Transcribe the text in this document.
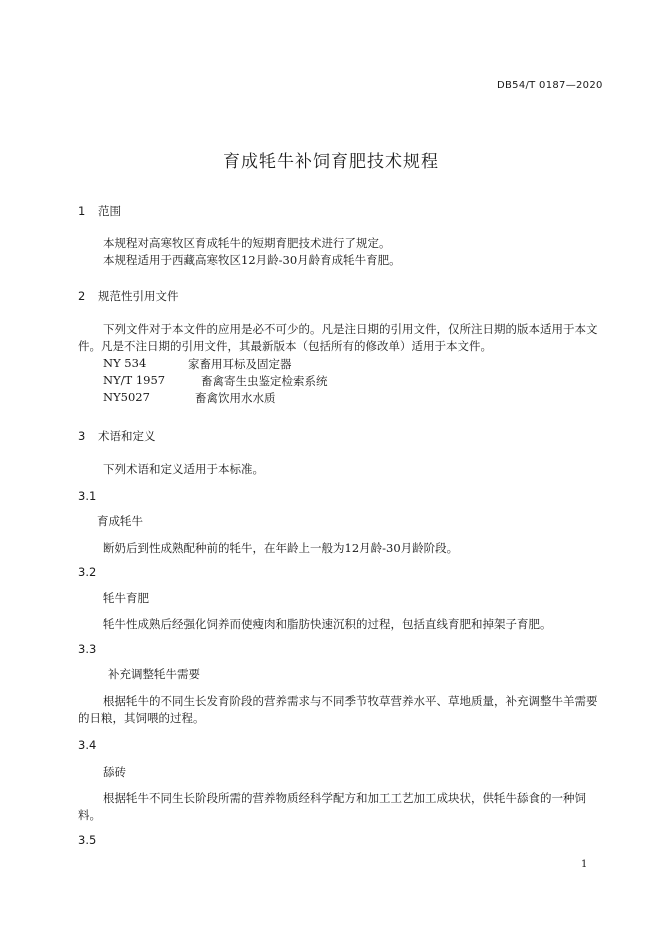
DB54/T 0187—2020
育成牦牛补饲育肥技术规程
1 范围
本规程对高寒牧区育成牦牛的短期育肥技术进行了规定。
本规程适用于西藏高寒牧区12月龄-30月龄育成牦牛育肥。
2 规范性引用文件
下列文件对于本文件的应用是必不可少的。凡是注日期的引用文件，仅所注日期的版本适用于本文
件。凡是不注日期的引用文件，其最新版本（包括所有的修改单）适用于本文件。
NY 534	家畜用耳标及固定器
NY/T 1957	畜禽寄生虫鉴定检索系统
NY5027	畜禽饮用水水质
3 术语和定义
下列术语和定义适用于本标准。
3.1
育成牦牛
断奶后到性成熟配种前的牦牛，在年龄上一般为12月龄-30月龄阶段。
3.2
牦牛育肥
牦牛性成熟后经强化饲养而使瘦肉和脂肪快速沉积的过程，包括直线育肥和掉架子育肥。
3.3
补充调整牦牛需要
根据牦牛的不同生长发育阶段的营养需求与不同季节牧草营养水平、草地质量，补充调整牛羊需要
的日粮，其饲喂的过程。
3.4
舔砖
根据牦牛不同生长阶段所需的营养物质经科学配方和加工工艺加工成块状，供牦牛舔食的一种饲
料。
3.5
1
